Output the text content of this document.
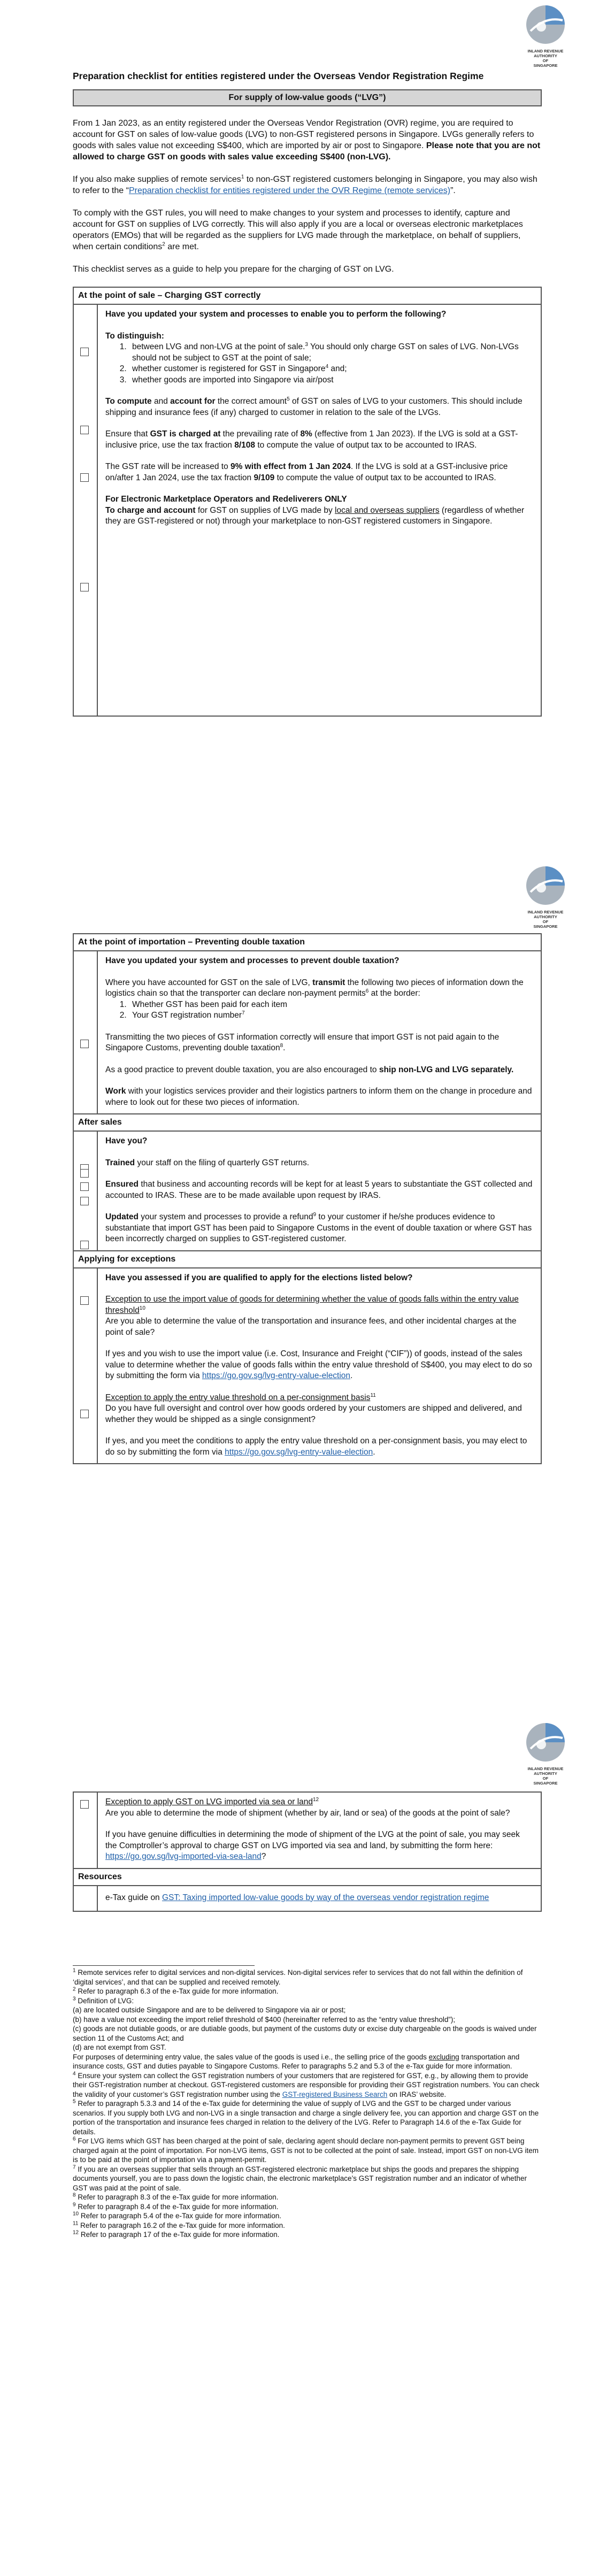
INLAND REVENUE
AUTHORITY
OF
SINGAPORE
Preparation checklist for entities registered under the Overseas Vendor Registration Regime
For supply of low-value goods (“LVG”)

From 1 Jan 2023, as an entity registered under the Overseas Vendor Registration (OVR) regime, you are required to account for GST on sales of low-value goods (LVG) to non-GST registered persons in Singapore. LVGs generally refers to goods with sales value not exceeding S$400, which are imported by air or post to Singapore. Please note that you are not allowed to charge GST on goods with sales value exceeding S$400 (non-LVG).

If you also make supplies of remote services$^1$ to non-GST registered customers belonging in Singapore, you may also wish to refer to the “Preparation checklist for entities registered under the OVR Regime (remote services)”.

To comply with the GST rules, you will need to make changes to your system and processes to identify, capture and account for GST on supplies of LVG correctly. This will also apply if you are a local or overseas electronic marketplaces operators (EMOs) that will be regarded as the suppliers for LVG made through the marketplace, on behalf of suppliers, when certain conditions$^2$ are met.

This checklist serves as a guide to help you prepare for the charging of GST on LVG.

At the point of sale – Charging GST correctly

Have you updated your system and processes to enable you to perform the following?

To distinguish:
1. between LVG and non-LVG at the point of sale.$^3$ You should only charge GST on sales of LVG. Non-LVGs should not be subject to GST at the point of sale;
2. whether customer is registered for GST in Singapore$^4$ and;
3. whether goods are imported into Singapore via air/post

To compute and account for the correct amount$^5$ of GST on sales of LVG to your customers. This should include shipping and insurance fees (if any) charged to customer in relation to the sale of the LVGs.

Ensure that GST is charged at the prevailing rate of 8% (effective from 1 Jan 2023). If the LVG is sold at a GST-inclusive price, use the tax fraction 8/108 to compute the value of output tax to be accounted to IRAS.

The GST rate will be increased to 9% with effect from 1 Jan 2024. If the LVG is sold at a GST-inclusive price on/after 1 Jan 2024, use the tax fraction 9/109 to compute the value of output tax to be accounted to IRAS.

For Electronic Marketplace Operators and Redeliverers ONLY
To charge and account for GST on supplies of LVG made by local and overseas suppliers (regardless of whether they are GST-registered or not) through your marketplace to non-GST registered customers in Singapore.

INLAND REVENUE
AUTHORITY
OF
SINGAPORE
At the point of importation – Preventing double taxation

Have you updated your system and processes to prevent double taxation?

Where you have accounted for GST on the sale of LVG, transmit the following two pieces of information down the logistics chain so that the transporter can declare non-payment permits$^6$ at the border:
1. Whether GST has been paid for each item
2. Your GST registration number$^7$

Transmitting the two pieces of GST information correctly will ensure that import GST is not paid again to the Singapore Customs, preventing double taxation$^8$.

As a good practice to prevent double taxation, you are also encouraged to ship non-LVG and LVG separately.

Work with your logistics services provider and their logistics partners to inform them on the change in procedure and where to look out for these two pieces of information.

After sales

Have you?

Trained your staff on the filing of quarterly GST returns.

Ensured that business and accounting records will be kept for at least 5 years to substantiate the GST collected and accounted to IRAS. These are to be made available upon request by IRAS.

Updated your system and processes to provide a refund$^9$ to your customer if he/she produces evidence to substantiate that import GST has been paid to Singapore Customs in the event of double taxation or where GST has been incorrectly charged on supplies to GST-registered customer.

Applying for exceptions

Have you assessed if you are qualified to apply for the elections listed below?

Exception to use the import value of goods for determining whether the value of goods falls within the entry value threshold$^{10}$
Are you able to determine the value of the transportation and insurance fees, and other incidental charges at the point of sale?

If yes and you wish to use the import value (i.e. Cost, Insurance and Freight (“CIF”)) of goods, instead of the sales value to determine whether the value of goods falls within the entry value threshold of S$400, you may elect to do so by submitting the form via https://go.gov.sg/lvg-entry-value-election.

Exception to apply the entry value threshold on a per-consignment basis$^{11}$
Do you have full oversight and control over how goods ordered by your customers are shipped and delivered, and whether they would be shipped as a single consignment?

If yes, and you meet the conditions to apply the entry value threshold on a per-consignment basis, you may elect to do so by submitting the form via https://go.gov.sg/lvg-entry-value-election.

INLAND REVENUE
AUTHORITY
OF
SINGAPORE
Exception to apply GST on LVG imported via sea or land$^{12}$
Are you able to determine the mode of shipment (whether by air, land or sea) of the goods at the point of sale?

If you have genuine difficulties in determining the mode of shipment of the LVG at the point of sale, you may seek the Comptroller’s approval to charge GST on LVG imported via sea and land, by submitting the form here: https://go.gov.sg/lvg-imported-via-sea-land?

Resources

e-Tax guide on GST: Taxing imported low-value goods by way of the overseas vendor registration regime

$^1$ Remote services refer to digital services and non-digital services. Non-digital services refer to services that do not fall within the definition of ‘digital services’, and that can be supplied and received remotely.
$^2$ Refer to paragraph 6.3 of the e-Tax guide for more information.
$^3$ Definition of LVG:
(a) are located outside Singapore and are to be delivered to Singapore via air or post;
(b) have a value not exceeding the import relief threshold of $400 (hereinafter referred to as the “entry value threshold”);
(c) goods are not dutiable goods, or are dutiable goods, but payment of the customs duty or excise duty chargeable on the goods is waived under section 11 of the Customs Act; and
(d) are not exempt from GST.
For purposes of determining entry value, the sales value of the goods is used i.e., the selling price of the goods excluding transportation and insurance costs, GST and duties payable to Singapore Customs. Refer to paragraphs 5.2 and 5.3 of the e-Tax guide for more information.
$^4$ Ensure your system can collect the GST registration numbers of your customers that are registered for GST, e.g., by allowing them to provide their GST-registration number at checkout. GST-registered customers are responsible for providing their GST registration numbers. You can check the validity of your customer’s GST registration number using the GST-registered Business Search on IRAS’ website.
$^5$ Refer to paragraph 5.3.3 and 14 of the e-Tax guide for determining the value of supply of LVG and the GST to be charged under various scenarios. If you supply both LVG and non-LVG in a single transaction and charge a single delivery fee, you can apportion and charge GST on the portion of the transportation and insurance fees charged in relation to the delivery of the LVG. Refer to Paragraph 14.6 of the e-Tax Guide for details.
$^6$ For LVG items which GST has been charged at the point of sale, declaring agent should declare non-payment permits to prevent GST being charged again at the point of importation. For non-LVG items, GST is not to be collected at the point of sale. Instead, import GST on non-LVG item is to be paid at the point of importation via a payment-permit.
$^7$ If you are an overseas supplier that sells through an GST-registered electronic marketplace but ships the goods and prepares the shipping documents yourself, you are to pass down the logistic chain, the electronic marketplace’s GST registration number and an indicator of whether GST was paid at the point of sale.
$^8$ Refer to paragraph 8.3 of the e-Tax guide for more information.
$^9$ Refer to paragraph 8.4 of the e-Tax guide for more information.
$^{10}$ Refer to paragraph 5.4 of the e-Tax guide for more information.
$^{11}$ Refer to paragraph 16.2 of the e-Tax guide for more information.
$^{12}$ Refer to paragraph 17 of the e-Tax guide for more information.
